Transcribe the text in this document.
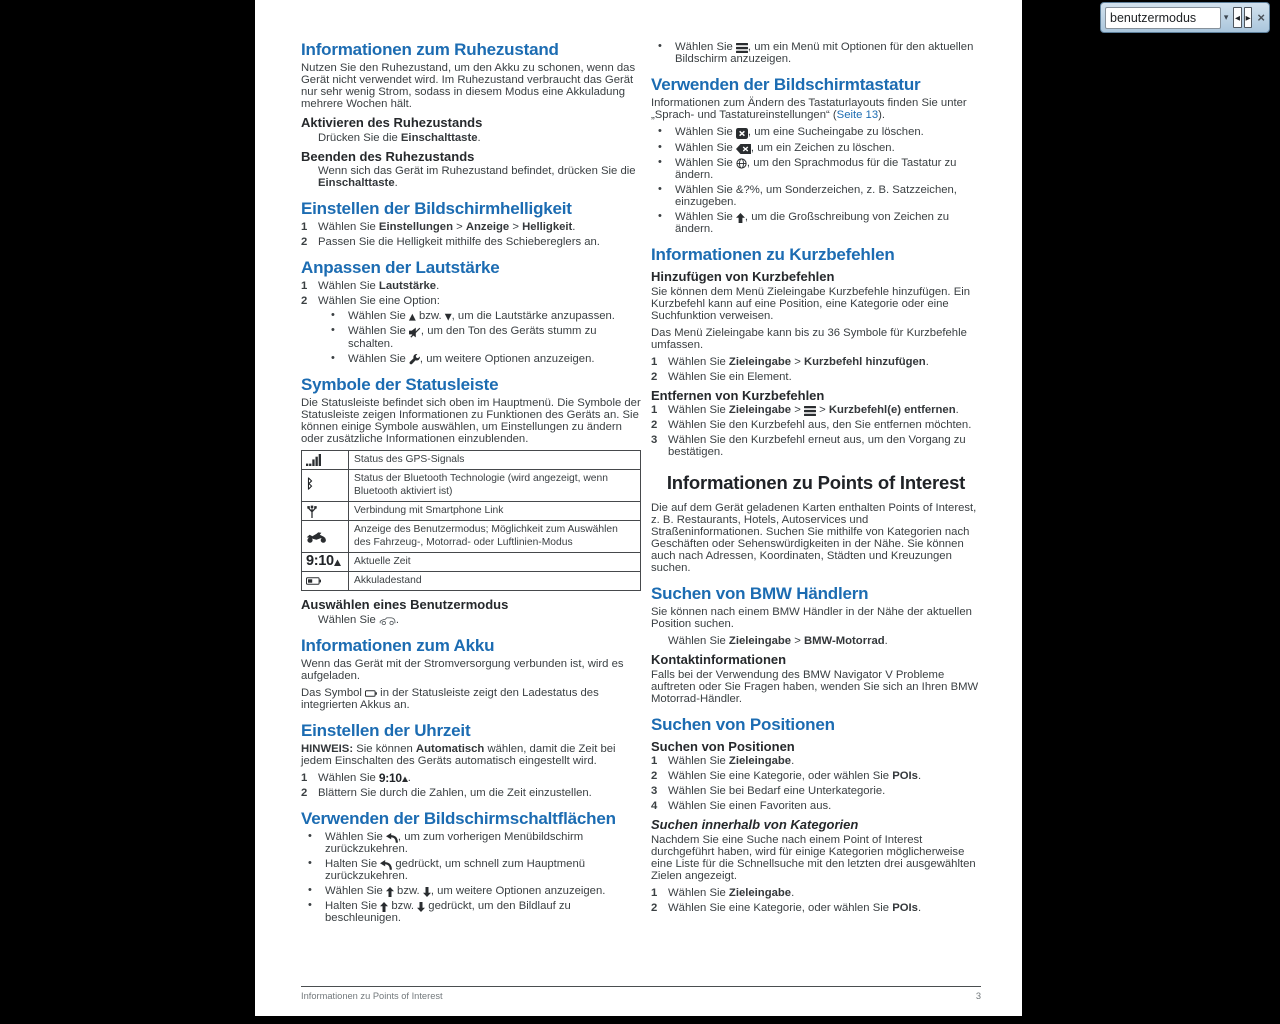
Informationen zum Ruhezustand
Nutzen Sie den Ruhezustand, um den Akku zu schonen, wenn das Gerät nicht verwendet wird. Im Ruhezustand verbraucht das Gerät nur sehr wenig Strom, sodass in diesem Modus eine Akkuladung mehrere Wochen hält.
Aktivieren des Ruhezustands
Drücken Sie die Einschalttaste.
Beenden des Ruhezustands
Wenn sich das Gerät im Ruhezustand befindet, drücken Sie die Einschalttaste.
Einstellen der Bildschirmhelligkeit
1 Wählen Sie Einstellungen > Anzeige > Helligkeit.
2 Passen Sie die Helligkeit mithilfe des Schiebereglers an.
Anpassen der Lautstärke
1 Wählen Sie Lautstärke.
2 Wählen Sie eine Option:
• Wählen Sie ▲ bzw. ▼, um die Lautstärke anzupassen.
• Wählen Sie , um den Ton des Geräts stumm zu schalten.
• Wählen Sie , um weitere Optionen anzuzeigen.
Symbole der Statusleiste
Die Statusleiste befindet sich oben im Hauptmenü. Die Symbole der Statusleiste zeigen Informationen zu Funktionen des Geräts an. Sie können einige Symbole auswählen, um Einstellungen zu ändern oder zusätzliche Informationen einzublenden.
	Status des GPS-Signals
ᛒ	Status der Bluetooth Technologie (wird angezeigt, wenn Bluetooth aktiviert ist)
	Verbindung mit Smartphone Link
	Anzeige des Benutzermodus; Möglichkeit zum Auswählen des Fahrzeug-, Motorrad- oder Luftlinien-Modus
9:10	Aktuelle Zeit
	Akkuladestand
Auswählen eines Benutzermodus
Wählen Sie .
Informationen zum Akku
Wenn das Gerät mit der Stromversorgung verbunden ist, wird es aufgeladen.
Das Symbol  in der Statusleiste zeigt den Ladestatus des integrierten Akkus an.
Einstellen der Uhrzeit
HINWEIS: Sie können Automatisch wählen, damit die Zeit bei jedem Einschalten des Geräts automatisch eingestellt wird.
1 Wählen Sie 9:10 .
2 Blättern Sie durch die Zahlen, um die Zeit einzustellen.
Verwenden der Bildschirmschaltflächen
• Wählen Sie , um zum vorherigen Menübildschirm zurückzukehren.
• Halten Sie  gedrückt, um schnell zum Hauptmenü zurückzukehren.
• Wählen Sie  bzw. , um weitere Optionen anzuzeigen.
• Halten Sie  bzw.  gedrückt, um den Bildlauf zu beschleunigen.
• Wählen Sie , um ein Menü mit Optionen für den aktuellen Bildschirm anzuzeigen.
Verwenden der Bildschirmtastatur
Informationen zum Ändern des Tastaturlayouts finden Sie unter „Sprach- und Tastatureinstellungen“ (Seite 13).
• Wählen Sie , um eine Sucheingabe zu löschen.
• Wählen Sie , um ein Zeichen zu löschen.
• Wählen Sie , um den Sprachmodus für die Tastatur zu ändern.
• Wählen Sie &?%, um Sonderzeichen, z. B. Satzzeichen, einzugeben.
• Wählen Sie , um die Großschreibung von Zeichen zu ändern.
Informationen zu Kurzbefehlen
Hinzufügen von Kurzbefehlen
Sie können dem Menü Zieleingabe Kurzbefehle hinzufügen. Ein Kurzbefehl kann auf eine Position, eine Kategorie oder eine Suchfunktion verweisen.
Das Menü Zieleingabe kann bis zu 36 Symbole für Kurzbefehle umfassen.
1 Wählen Sie Zieleingabe > Kurzbefehl hinzufügen.
2 Wählen Sie ein Element.
Entfernen von Kurzbefehlen
1 Wählen Sie Zieleingabe >  > Kurzbefehl(e) entfernen.
2 Wählen Sie den Kurzbefehl aus, den Sie entfernen möchten.
3 Wählen Sie den Kurzbefehl erneut aus, um den Vorgang zu bestätigen.
Informationen zu Points of Interest
Die auf dem Gerät geladenen Karten enthalten Points of Interest, z. B. Restaurants, Hotels, Autoservices und Straßeninformationen. Suchen Sie mithilfe von Kategorien nach Geschäften oder Sehenswürdigkeiten in der Nähe. Sie können auch nach Adressen, Koordinaten, Städten und Kreuzungen suchen.
Suchen von BMW Händlern
Sie können nach einem BMW Händler in der Nähe der aktuellen Position suchen.
Wählen Sie Zieleingabe > BMW-Motorrad.
Kontaktinformationen
Falls bei der Verwendung des BMW Navigator V Probleme auftreten oder Sie Fragen haben, wenden Sie sich an Ihren BMW Motorrad-Händler.
Suchen von Positionen
Suchen von Positionen
1 Wählen Sie Zieleingabe.
2 Wählen Sie eine Kategorie, oder wählen Sie POIs.
3 Wählen Sie bei Bedarf eine Unterkategorie.
4 Wählen Sie einen Favoriten aus.
Suchen innerhalb von Kategorien
Nachdem Sie eine Suche nach einem Point of Interest durchgeführt haben, wird für einige Kategorien möglicherweise eine Liste für die Schnellsuche mit den letzten drei ausgewählten Zielen angezeigt.
1 Wählen Sie Zieleingabe.
2 Wählen Sie eine Kategorie, oder wählen Sie POIs.
3
Informationen zu Points of Interest
benutzermodus
▾	◀ ▶ ×
